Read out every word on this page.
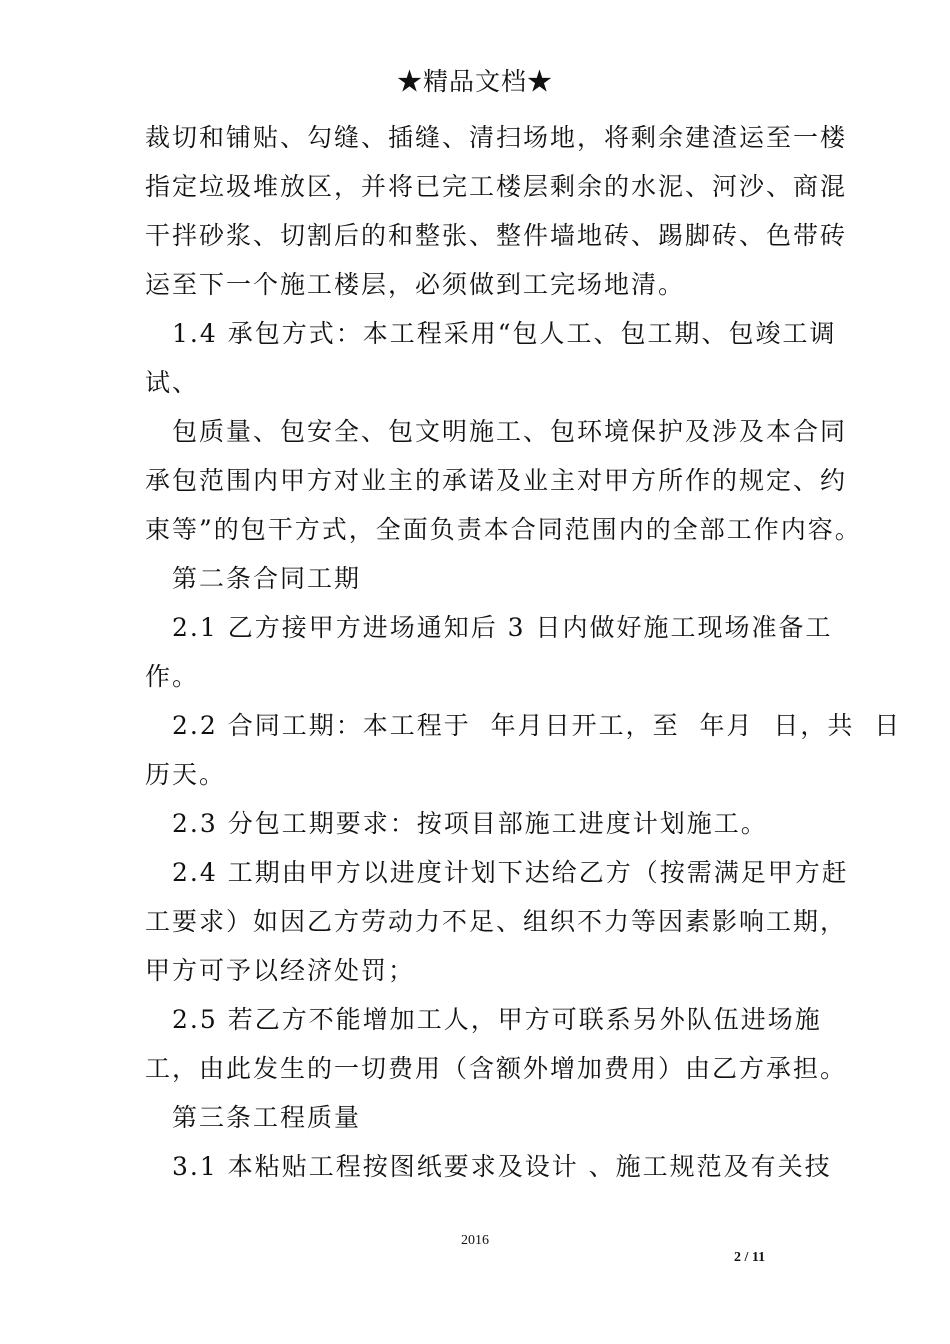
★精品文档★
裁切和铺贴、勾缝、插缝、清扫场地，将剩余建渣运至一楼
指定垃圾堆放区，并将已完工楼层剩余的水泥、河沙、商混
干拌砂浆、切割后的和整张、整件墙地砖、踢脚砖、色带砖
运至下一个施工楼层，必须做到工完场地清。
1.4 承包方式：本工程采用“包人工、包工期、包竣工调
试、
包质量、包安全、包文明施工、包环境保护及涉及本合同
承包范围内甲方对业主的承诺及业主对甲方所作的规定、约
束等”的包干方式，全面负责本合同范围内的全部工作内容。
第二条合同工期
2.1 乙方接甲方进场通知后 3 日内做好施工现场准备工
作。
2.2 合同工期：本工程于  年月日开工，至  年月  日，共  日
历天。
2.3 分包工期要求：按项目部施工进度计划施工。
2.4 工期由甲方以进度计划下达给乙方（按需满足甲方赶
工要求）如因乙方劳动力不足、组织不力等因素影响工期，
甲方可予以经济处罚；
2.5 若乙方不能增加工人，甲方可联系另外队伍进场施
工，由此发生的一切费用（含额外增加费用）由乙方承担。
第三条工程质量
3.1 本粘贴工程按图纸要求及设计 、施工规范及有关技
2016
2 / 11
